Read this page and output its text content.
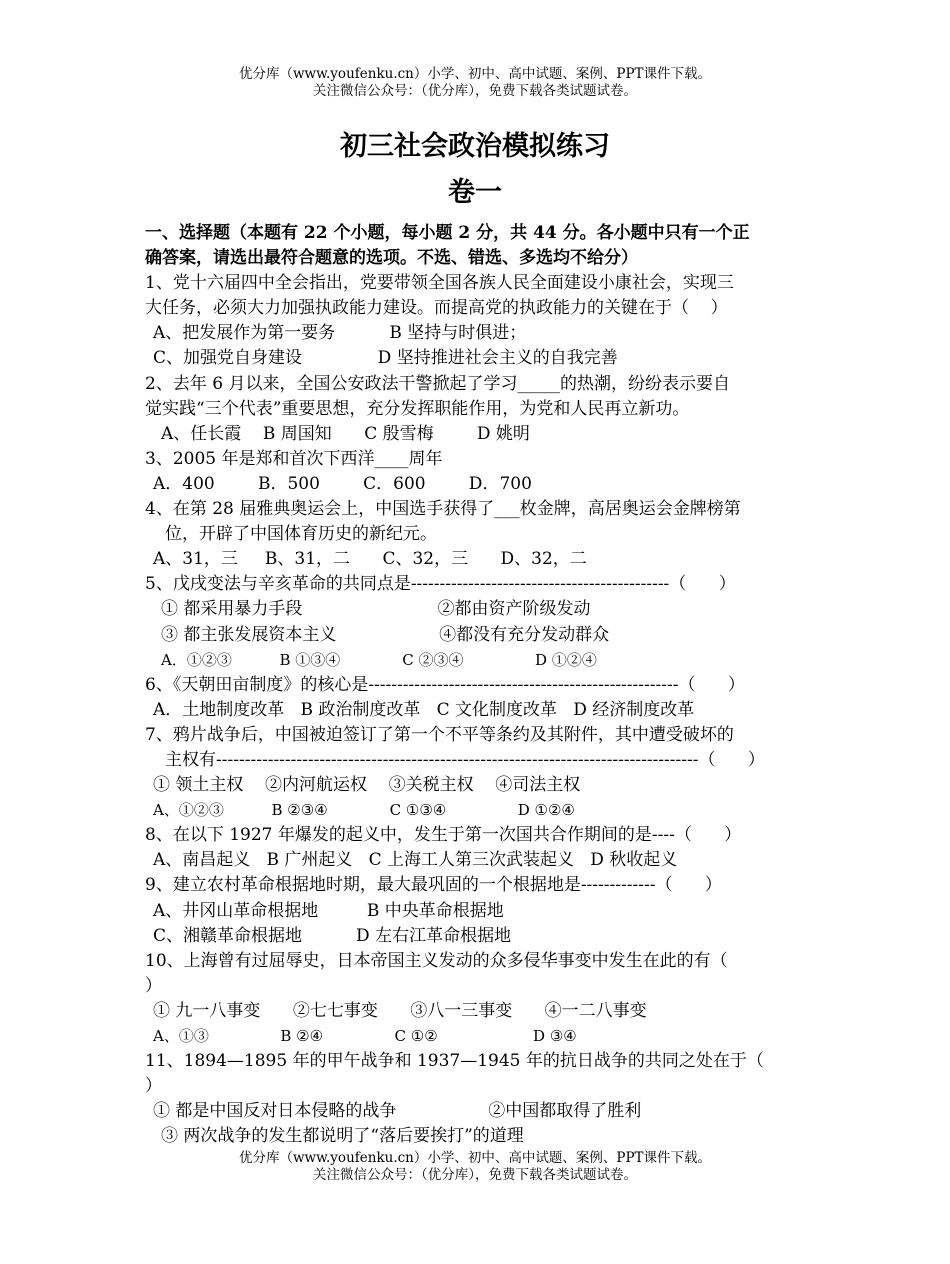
优分库（www.youfenku.cn）小学、初中、高中试题、案例、PPT课件下载。
关注微信公众号：（优分库），免费下载各类试题试卷。
初三社会政治模拟练习
卷一
一、选择题（本题有 22 个小题，每小题 2 分，共 44 分。各小题中只有一个正
确答案，请选出最符合题意的选项。不选、错选、多选均不给分）
1、党十六届四中全会指出，党要带领全国各族人民全面建设小康社会，实现三
大任务，必须大力加强执政能力建设。而提高党的执政能力的关键在于（    ）
A、把发展作为第一要务          B 坚持与时俱进；
C、加强党自身建设              D 坚持推进社会主义的自我完善
2、去年 6 月以来，全国公安政法干警掀起了学习_____的热潮，纷纷表示要自
觉实践“三个代表”重要思想，充分发挥职能作用，为党和人民再立新功。
A、任长霞    B 周国知      C 殷雪梅        D 姚明
3、2005 年是郑和首次下西洋____周年
A．400        B．500        C．600        D．700
4、在第 28 届雅典奥运会上，中国选手获得了___枚金牌，高居奥运会金牌榜第
位，开辟了中国体育历史的新纪元。
A、31，三     B、31，二      C、32，三      D、32，二
5、戊戌变法与辛亥革命的共同点是---------------------------------------------（      ）
① 都采用暴力手段                         ②都由资产阶级发动
③ 都主张发展资本主义                   ④都没有充分发动群众
A．①②③          B ①③④             C ②③④               D ①②④
6、《天朝田亩制度》的核心是------------------------------------------------------（      ）
A．土地制度改革   B 政治制度改革   C 文化制度改革   D 经济制度改革
7、鸦片战争后，中国被迫签订了第一个不平等条约及其附件，其中遭受破坏的
主权有------------------------------------------------------------------------------------（      ）
① 领土主权    ②内河航运权    ③关税主权    ④司法主权
A、①②③          B ②③④             C ①③④               D ①②④
8、在以下 1927 年爆发的起义中，发生于第一次国共合作期间的是----（      ）
A、南昌起义   B 广州起义   C 上海工人第三次武装起义   D 秋收起义
9、建立农村革命根据地时期，最大最巩固的一个根据地是-------------（      ）
A、井冈山革命根据地         B 中央革命根据地
C、湘赣革命根据地          D 左右江革命根据地
10、上海曾有过屈辱史，日本帝国主义发动的众多侵华事变中发生在此的有（
）
① 九一八事变      ②七七事变      ③八一三事变      ④一二八事变
A、①③               B ②④               C ①②                    D ③④
11、1894—1895 年的甲午战争和 1937—1945 年的抗日战争的共同之处在于（
）
① 都是中国反对日本侵略的战争                 ②中国都取得了胜利
③ 两次战争的发生都说明了“落后要挨打”的道理
优分库（www.youfenku.cn）小学、初中、高中试题、案例、PPT课件下载。
关注微信公众号：（优分库），免费下载各类试题试卷。
